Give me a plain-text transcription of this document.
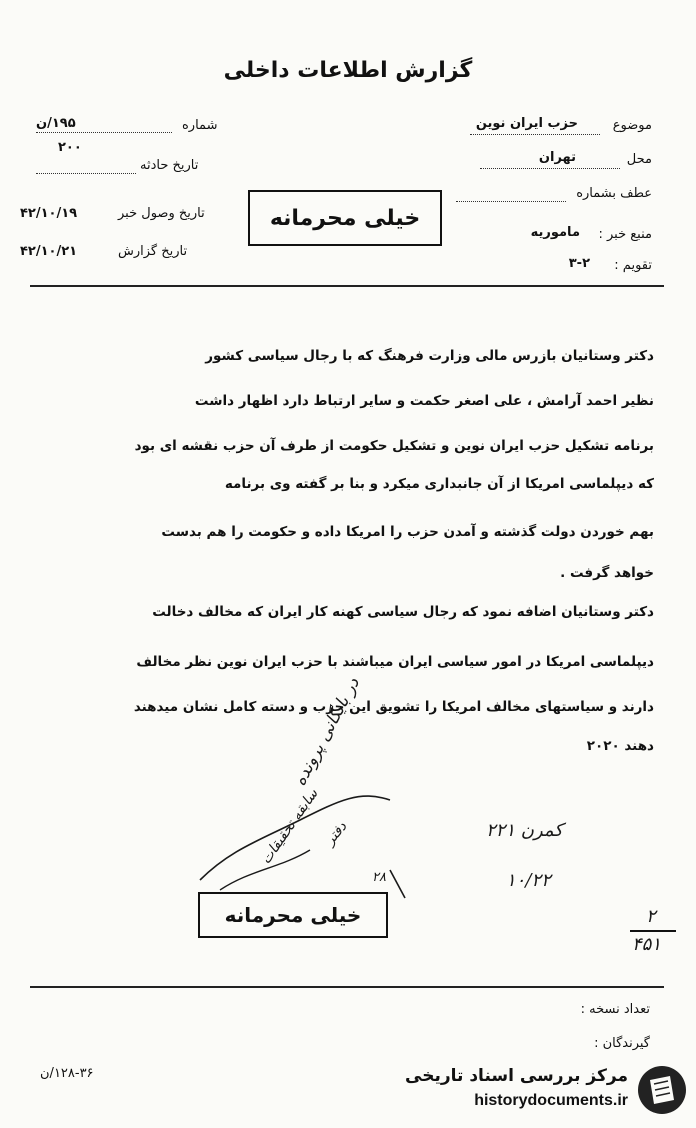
گزارش اطلاعات داخلی
موضوع
حزب ایران نوین
محل
تهران
عطف بشماره
منبع خبر :
ماموریه
تقویم :
۳-۲
شماره
۱۹۵/ن
۲۰۰
تاریخ حادثه
تاریخ وصول خبر
۴۲/۱۰/۱۹
تاریخ گزارش
۴۲/۱۰/۲۱
خیلی محرمانه
دکتر وستانیان بازرس مالی وزارت فرهنگ که با رجال سیاسی کشور
نظیر احمد آرامش ، علی اصغر حکمت و سایر ارتباط دارد اظهار داشت
برنامه تشکیل حزب ایران نوین و تشکیل حکومت از طرف آن حزب نقشه ای بود
که دیپلماسی امریکا از آن جانبداری میکرد و بنا بر گفته وی برنامه
بهم خوردن دولت گذشته و آمدن حزب را امریکا داده و حکومت را هم بدست
خواهد گرفت .
دکتر وستانیان اضافه نمود که رجال سیاسی کهنه کار ایران که مخالف دخالت
دیپلماسی امریکا در امور سیاسی ایران میباشند با حزب ایران نوین نظر مخالف
دارند و سیاستهای مخالف امریکا را تشویق این حزب و دسته کامل نشان میدهند
دهند ۲۰۲۰
در بایگانی پرونده
سابقه تحقیقات دفتر
۲۸
کمرن ۲۲۱
۱۰/۲۲
۲
۴۵۱
خیلی محرمانه
تعداد نسخه :
گیرندگان :
۱۲۸-۳۶/ن	مرکز بررسی اسناد تاریخی
historydocuments.ir
